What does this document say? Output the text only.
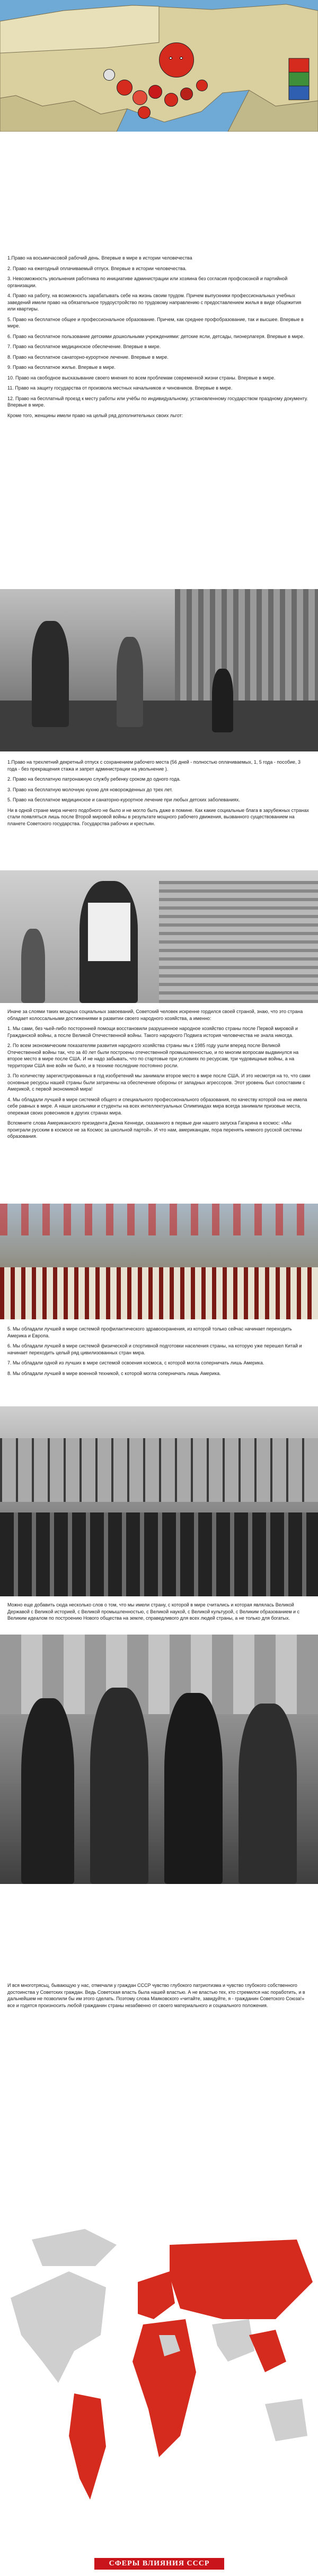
1.Право на восьмичасовой рабочий день. Впервые в мире в истории человечества

2. Право на ежегодный оплачиваемый отпуск. Впервые в истории человечества.

3. Невозможность увольнения работника по инициативе администрации или хозяина без согласия профсоюзной и партийной организации.

4. Право на работу, на возможность зарабатывать себе на жизнь своим трудом. Причем выпускники профессиональных учебных заведений имели право на обязательное трудоустройство по трудовому направлению с предоставлением жилья в виде общежития или квартиры.

5. Право на бесплатное общее и профессиональное образование. Причем, как среднее профобразование, так и высшее. Впервые в мире.

6. Право на бесплатное пользование детскими дошкольными учреждениями: детские ясли, детсады, пионерлагеря. Впервые в мире.

7. Право на бесплатное медицинское обеспечение. Впервые в мире.

8. Право на бесплатное санаторно-курортное лечение. Впервые в мире.

9. Право на бесплатное жилье. Впервые в мире.

10. Право на свободное высказывание своего мнения по всем проблемам современной жизни страны. Впервые в мире.

11. Право на защиту государства от произвола местных начальников и чиновников. Впервые в мире.

12. Право на бесплатный проезд к месту работы или учёбы по индивидуальному, установленному государством праздному документу. Впервые в мире.

Кроме того, женщины имели право на целый ряд дополнительных своих льгот:

1.Право на трехлетний декретный отпуск с сохранением рабочего места (56 дней - полностью оплачиваемых, 1, 5 года - пособие, 3 года - без прекращения стажа и запрет администрации на увольнение ).

2. Право на бесплатную патронажную службу ребенку сроком до одного года.

3. Право на бесплатную молочную кухню для новорожденных до трех лет.

5. Право на бесплатное медицинское и санаторно-курортное лечение при любых детских заболеваниях.

Ни в одной стране мира ничего подобного не было и не могло быть даже в помине. Как какие социальные блага в зарубежных странах стали появляться лишь после Второй мировой войны в результате мощного рабочего движения, вызванного существованием на планете Советского государства. Государства рабочих и крестьян.

Иначе за слоями таких мощных социальных завоеваний, Советский человек искренне гордился своей страной, знаю, что это страна обладает колоссальными достижениями в развитии своего народного хозяйства, а именно:

1. Мы сами, без чьей-либо посторонней помощи восстановили разрушенное народное хозяйство страны после Первой мировой и Гражданской войны, а после Великой Отечественной войны. Такого народного Подвига история человечества не знала никогда.

2. По всем экономическим показателям развития народного хозяйства страны мы к 1985 году ушли вперед после Великой Отечественной войны так, что за 40 лет были построены отечественной промышленностью, и по многим вопросам выдвинулся на второе место в мире после США. И не надо забывать, что по стартовые при условиях по ресурсам, три чудовищные войны, а на территории США вне войн не было, и в технике последние постоянно росли.

3. По количеству зарегистрированных в год изобретений мы занимали второе место в мире после США. И это несмотря на то, что сами основные ресурсы нашей страны были затрачены на обеспечение обороны от западных агрессоров. Этот уровень был сопоставим с Америкой, с первой экономикой мира!

4. Мы обладали лучшей в мире системой общего и специального профессионального образования, по качеству которой она не имела себе равных в мире. А наши школьники и студенты на всех интеллектуальных Олимпиадах мира всегда занимали призовые места, опережая своих ровесников в других странах мира.

Вспомните слова Американского президента Джона Кеннеди, сказанного в первые дни нашего запуска Гагарина в космос: «Мы проиграли русским в космосе не за Космос за школьной партой». И что нам, американцам, пора перенять немного русской системы образования.

5. Мы обладали лучшей в мире системой профилактического здравоохранения, из которой только сейчас начинает переходить Америка и Европа.

6. Мы обладали лучшей в мире системой физической и спортивной подготовки населения страны, на которую уже перешел Китай и начинает переходить целый ряд цивилизованных стран мира.

7. Мы обладали одной из лучших в мире системой освоения космоса, с которой могла соперничать лишь Америка.

8. Мы обладали лучшей в мире военной техникой, с которой могла соперничать лишь Америка.

Можно еще добавить сюда несколько слов о том, что мы имели страну, с которой в мире считались и которая являлась Великой Державой с Великой историей, с Великой промышленностью, с Великой наукой, с Великой культурой, с Великим образованием и с Великим идеалом по построению Нового общества на земле, справедливого для всех людей страны, а не только для богатых.

И вся многотрясьц, бывающую у нас, отмечали у граждан СССР чувство глубокого патриотизма и чувство глубокого собственного достоинства у Советских граждан. Ведь Советская власть была нашей властью. А не властью тех, кто стремился нас поработить, и в дальнейшем не позволили бы им этого сделать. Поэтому слова Маяковского «читайте, завидуйте, я - гражданин Советского Союза!» все и годятся произносить любой гражданин страны незабвенно от своего материального и социального положения.

СФЕРЫ ВЛИЯНИЯ СССР
